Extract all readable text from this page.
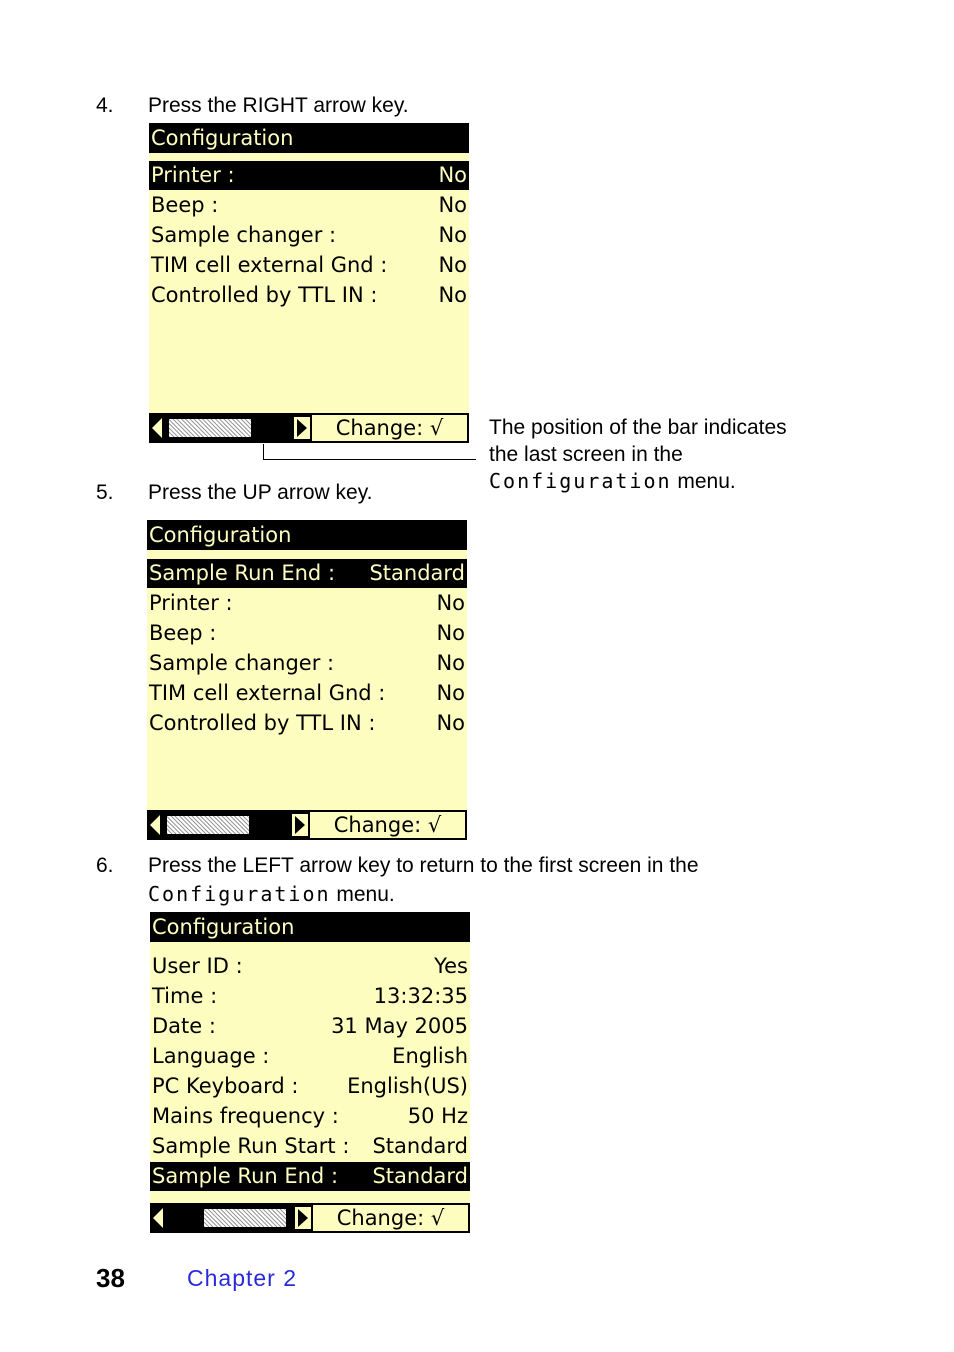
4. Press the RIGHT arrow key.
Configuration
Printer :	No
Beep :	No
Sample changer :	No
TIM cell external Gnd : No
Controlled by TTL IN :	No
Change: √	The position of the bar indicates
the last screen in the
Configuration menu.
5. Press the UP arrow key.
Configuration
Sample Run End : Standard
Printer :	No
Beep :	No
Sample changer :	No
TIM cell external Gnd : No
Controlled by TTL IN :	No
Change: √
6. Press the LEFT arrow key to return to the first screen in the
Configuration menu.
Configuration
User ID :	Yes
Time :	13:32:35
Date :	31 May 2005
Language :	English
PC Keyboard : English(US)
Mains frequency :	50 Hz
Sample Run Start : Standard
Sample Run End : Standard
Change: √
38	Chapter 2
